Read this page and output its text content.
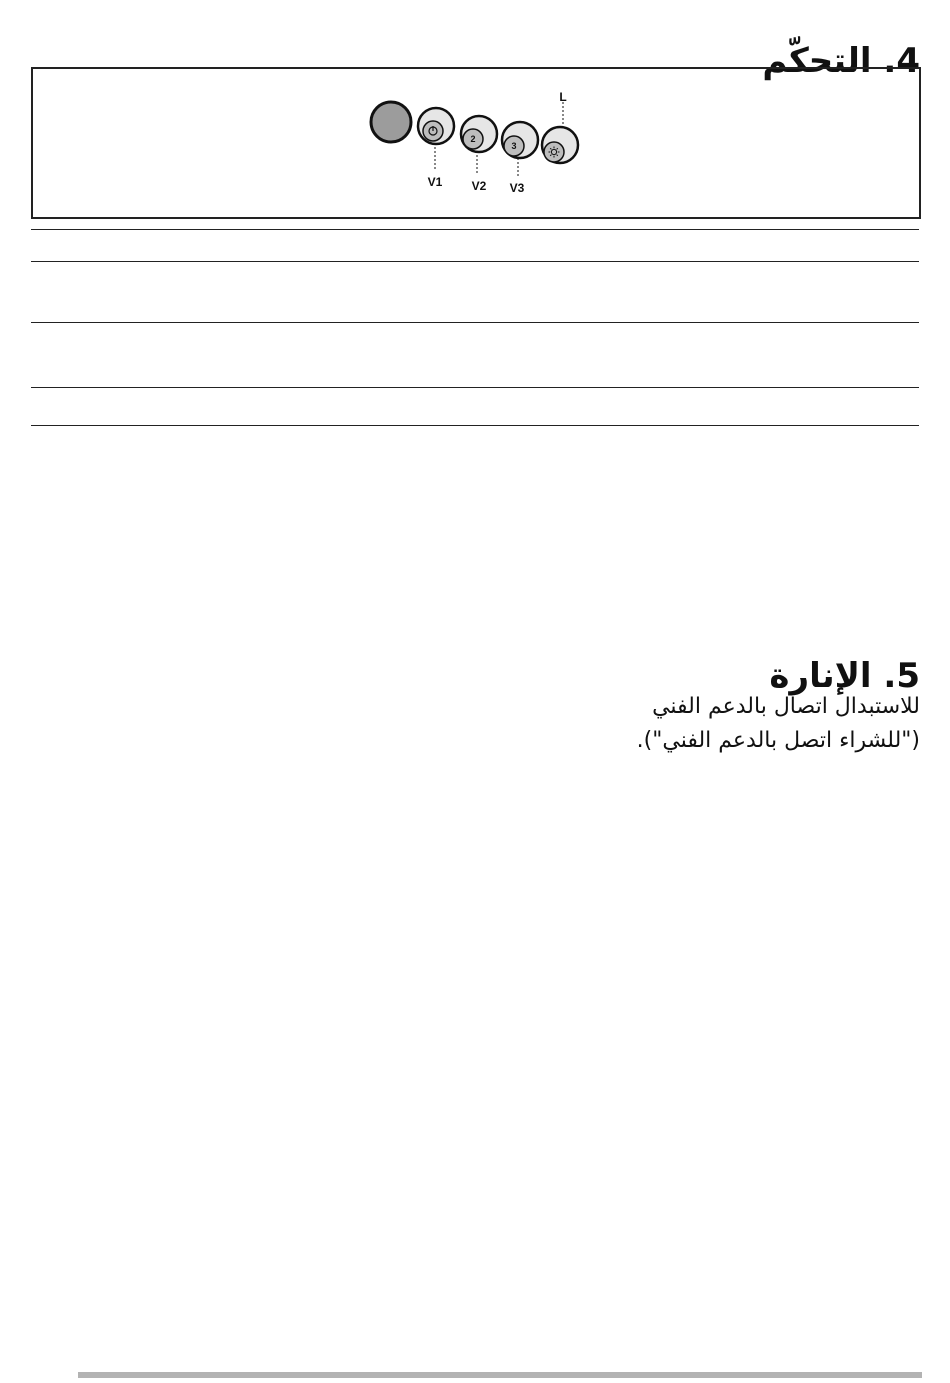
4. التحكّم
2
3
V1 V2 V3
L
5. الإنارة

للاستبدال اتصال بالدعم الفني

("للشراء اتصل بالدعم الفني").
